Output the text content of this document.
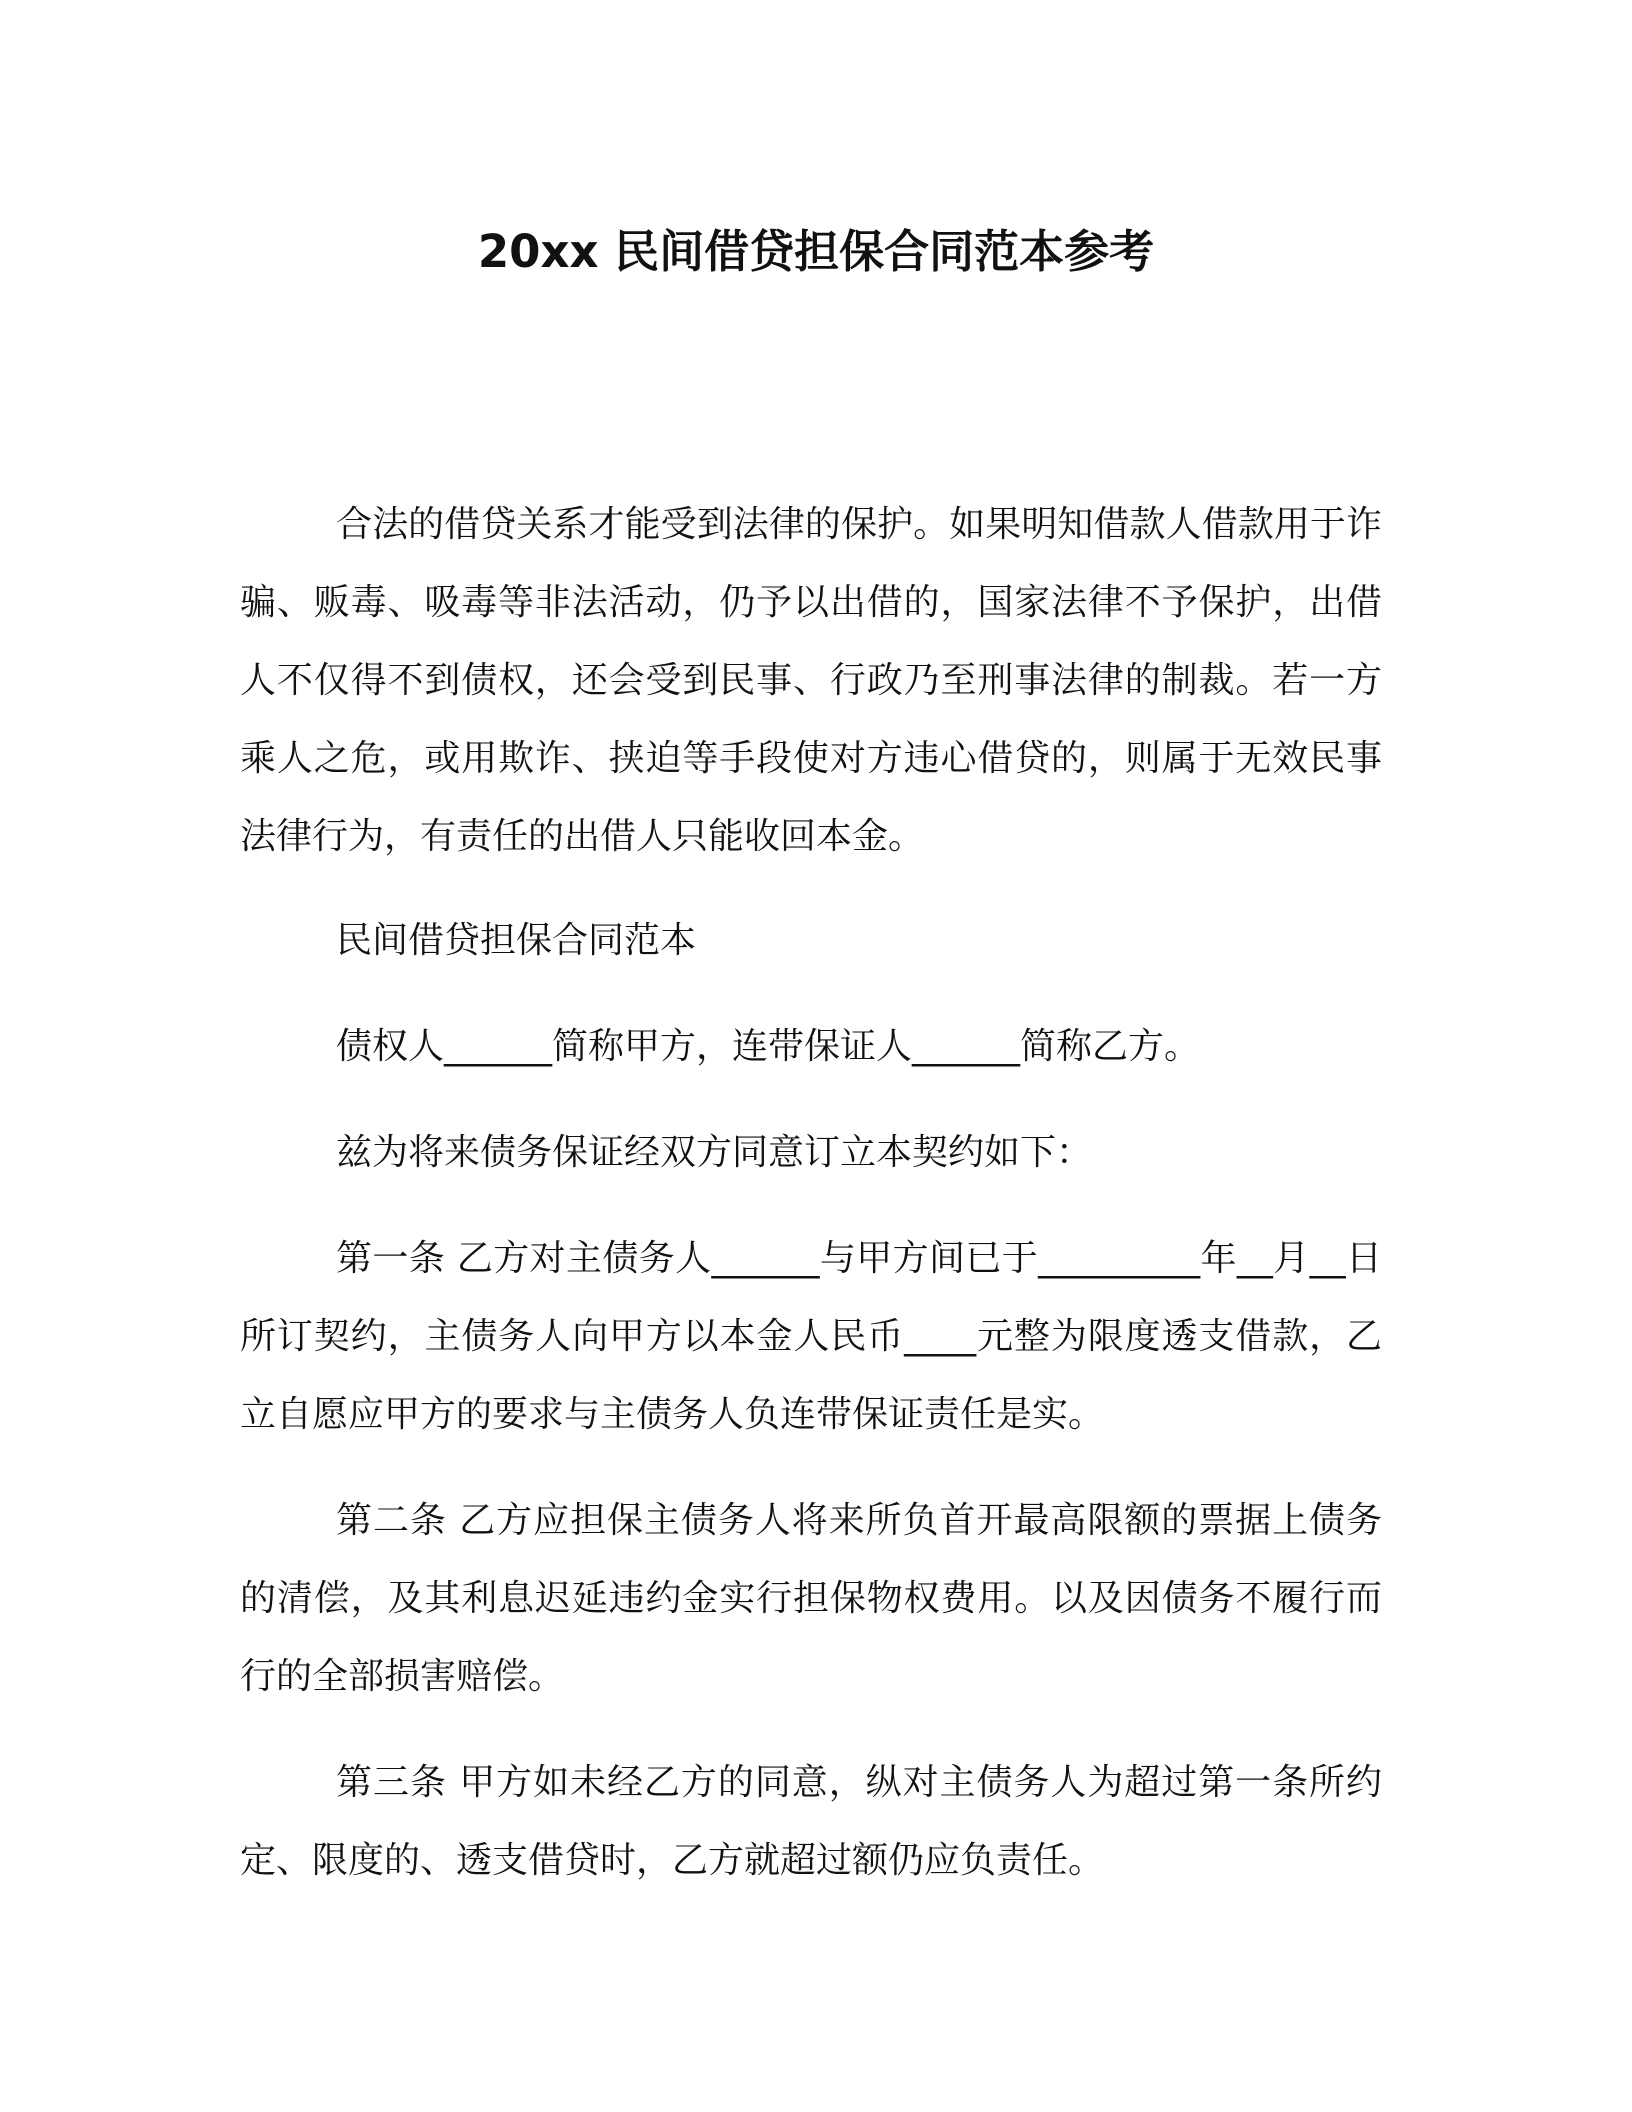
20xx 民间借贷担保合同范本参考

合法的借贷关系才能受到法律的保护。如果明知借款人借款用于诈骗、贩毒、吸毒等非法活动，仍予以出借的，国家法律不予保护，出借人不仅得不到债权，还会受到民事、行政乃至刑事法律的制裁。若一方乘人之危，或用欺诈、挟迫等手段使对方违心借贷的，则属于无效民事法律行为，有责任的出借人只能收回本金。

民间借贷担保合同范本

债权人______简称甲方，连带保证人______简称乙方。

兹为将来债务保证经双方同意订立本契约如下：

第一条 乙方对主债务人______与甲方间已于_________年__月__日所订契约，主债务人向甲方以本金人民币____元整为限度透支借款，乙立自愿应甲方的要求与主债务人负连带保证责任是实。

第二条 乙方应担保主债务人将来所负首开最高限额的票据上债务的清偿，及其利息迟延违约金实行担保物权费用。以及因债务不履行而行的全部损害赔偿。

第三条 甲方如未经乙方的同意，纵对主债务人为超过第一条所约定、限度的、透支借贷时，乙方就超过额仍应负责任。
